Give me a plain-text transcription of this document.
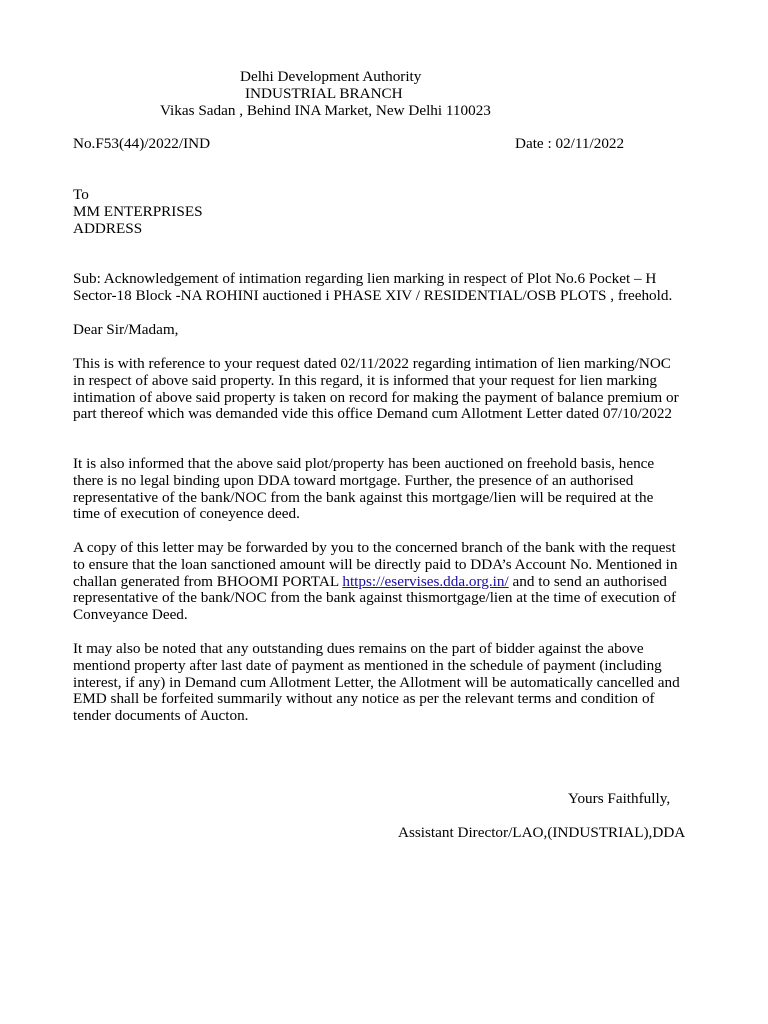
Delhi Development Authority

INDUSTRIAL BRANCH

Vikas Sadan , Behind INA Market, New Delhi 110023

No.F53(44)/2022/IND	Date : 02/11/2022

To

MM ENTERPRISES

ADDRESS

Sub: Acknowledgement of intimation regarding lien marking in respect of Plot No.6 Pocket – H
Sector-18 Block -NA ROHINI auctioned i PHASE XIV / RESIDENTIAL/OSB PLOTS , freehold.

Dear Sir/Madam,

This is with reference to your request dated 02/11/2022 regarding intimation of lien marking/NOC
in respect of above said property. In this regard, it is informed that your request for lien marking
intimation of above said property is taken on record for making the payment of balance premium or
part thereof which was demanded vide this office Demand cum Allotment Letter dated 07/10/2022
It is also informed that the above said plot/property has been auctioned on freehold basis, hence
there is no legal binding upon DDA toward mortgage. Further, the presence of an authorised
representative of the bank/NOC from the bank against this mortgage/lien will be required at the
time of execution of coneyence deed.
A copy of this letter may be forwarded by you to the concerned branch of the bank with the request
to ensure that the loan sanctioned amount will be directly paid to DDA’s Account No. Mentioned in
challan generated from BHOOMI PORTAL https://eservises.dda.org.in/ and to send an authorised
representative of the bank/NOC from the bank against thismortgage/lien at the time of execution of
Conveyance Deed.
It may also be noted that any outstanding dues remains on the part of bidder against the above
mentiond property after last date of payment as mentioned in the schedule of payment (including
interest, if any) in Demand cum Allotment Letter, the Allotment will be automatically cancelled and
EMD shall be forfeited summarily without any notice as per the relevant terms and condition of
tender documents of Aucton.

Yours Faithfully,

Assistant Director/LAO,(INDUSTRIAL),DDA
